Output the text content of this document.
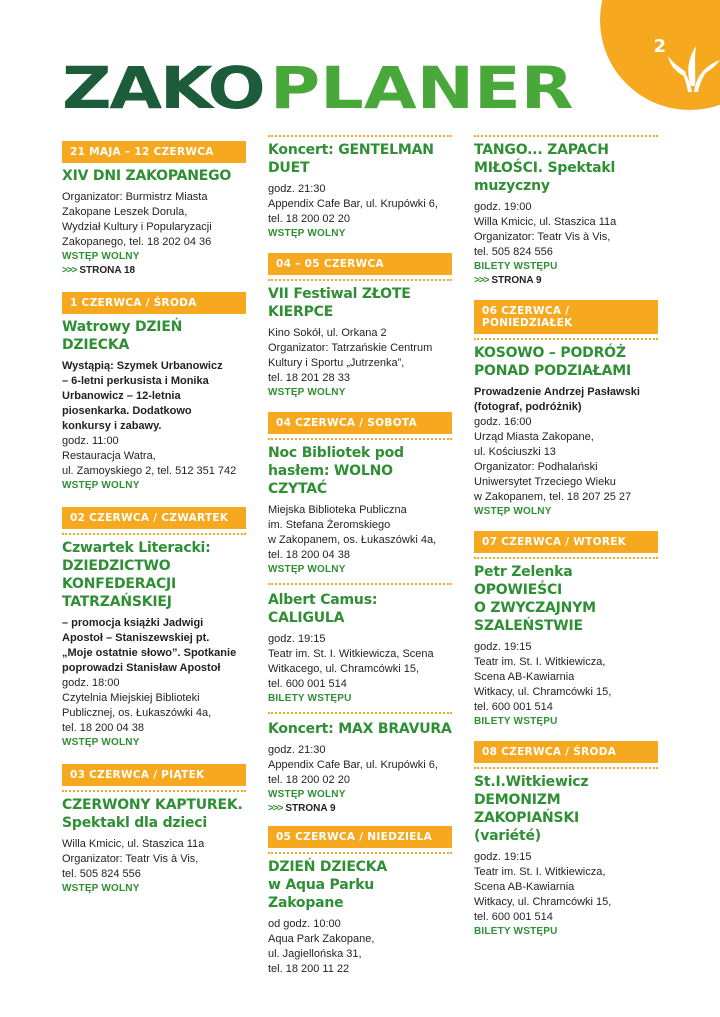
2
ZAKO PLANER
21 MAJA – 12 CZERWCA
XIV DNI ZAKOPANEGO
Organizator: Burmistrz Miasta
Zakopane Leszek Dorula,
Wydział Kultury i Popularyzacji
Zakopanego, tel. 18 202 04 36
WSTĘP WOLNY
>>> STRONA 18
1 CZERWCA / ŚRODA
Watrowy DZIEŃ DZIECKA
Wystąpią: Szymek Urbanowicz
– 6-letni perkusista i Monika
Urbanowicz – 12-letnia
piosenkarka. Dodatkowo
konkursy i zabawy.
godz. 11:00
Restauracja Watra,
ul. Zamoyskiego 2, tel. 512 351 742
WSTĘP WOLNY
02 CZERWCA / CZWARTEK
Czwartek Literacki:
DZIEDZICTWO
KONFEDERACJI
TATRZAŃSKIEJ
– promocja książki Jadwigi
Apostoł – Staniszewskiej pt.
„Moje ostatnie słowo”. Spotkanie
poprowadzi Stanisław Apostoł
godz. 18:00
Czytelnia Miejskiej Biblioteki
Publicznej, os. Łukaszówki 4a,
tel. 18 200 04 38
WSTĘP WOLNY
03 CZERWCA / PIĄTEK
CZERWONY KAPTUREK.
Spektakl dla dzieci
Willa Kmicic, ul. Staszica 11a
Organizator: Teatr Vis à Vis,
tel. 505 824 556
WSTĘP WOLNY
Koncert: GENTELMAN DUET
godz. 21:30
Appendix Cafe Bar, ul. Krupówki 6,
tel. 18 200 02 20
WSTĘP WOLNY
04 – 05 CZERWCA
VII Festiwal ZŁOTE KIERPCE
Kino Sokół, ul. Orkana 2
Organizator: Tatrzańskie Centrum
Kultury i Sportu „Jutrzenka”,
tel. 18 201 28 33
WSTĘP WOLNY
04 CZERWCA / SOBOTA
Noc Bibliotek pod
hasłem: WOLNO CZYTAĆ
Miejska Biblioteka Publiczna
im. Stefana Żeromskiego
w Zakopanem, os. Łukaszówki 4a,
tel. 18 200 04 38
WSTĘP WOLNY
Albert Camus: CALIGULA
godz. 19:15
Teatr im. St. I. Witkiewicza, Scena
Witkacego, ul. Chramcówki 15,
tel. 600 001 514
BILETY WSTĘPU
Koncert: MAX BRAVURA
godz. 21:30
Appendix Cafe Bar, ul. Krupówki 6,
tel. 18 200 02 20
WSTĘP WOLNY
>>> STRONA 9
05 CZERWCA / NIEDZIELA
DZIEŃ DZIECKA
w Aqua Parku Zakopane
od godz. 10:00
Aqua Park Zakopane,
ul. Jagiellońska 31,
tel. 18 200 11 22
TANGO... ZAPACH
MIŁOŚCI. Spektakl
muzyczny
godz. 19:00
Willa Kmicic, ul. Staszica 11a
Organizator: Teatr Vis à Vis,
tel. 505 824 556
BILETY WSTĘPU
>>> STRONA 9
06 CZERWCA / PONIEDZIAŁEK
KOSOWO – PODRÓŻ
PONAD PODZIAŁAMI
Prowadzenie Andrzej Pasławski
(fotograf, podróżnik)
godz. 16:00
Urząd Miasta Zakopane,
ul. Kościuszki 13
Organizator: Podhalański
Uniwersytet Trzeciego Wieku
w Zakopanem, tel. 18 207 25 27
WSTĘP WOLNY
07 CZERWCA / WTOREK
Petr Zelenka
OPOWIEŚCI
O ZWYCZAJNYM
SZALEŃSTWIE
godz. 19:15
Teatr im. St. I. Witkiewicza,
Scena AB-Kawiarnia
Witkacy, ul. Chramcówki 15,
tel. 600 001 514
BILETY WSTĘPU
08 CZERWCA / ŚRODA
St.I.Witkiewicz
DEMONIZM ZAKOPIAŃSKI
(variété)
godz. 19:15
Teatr im. St. I. Witkiewicza,
Scena AB-Kawiarnia
Witkacy, ul. Chramcówki 15,
tel. 600 001 514
BILETY WSTĘPU
